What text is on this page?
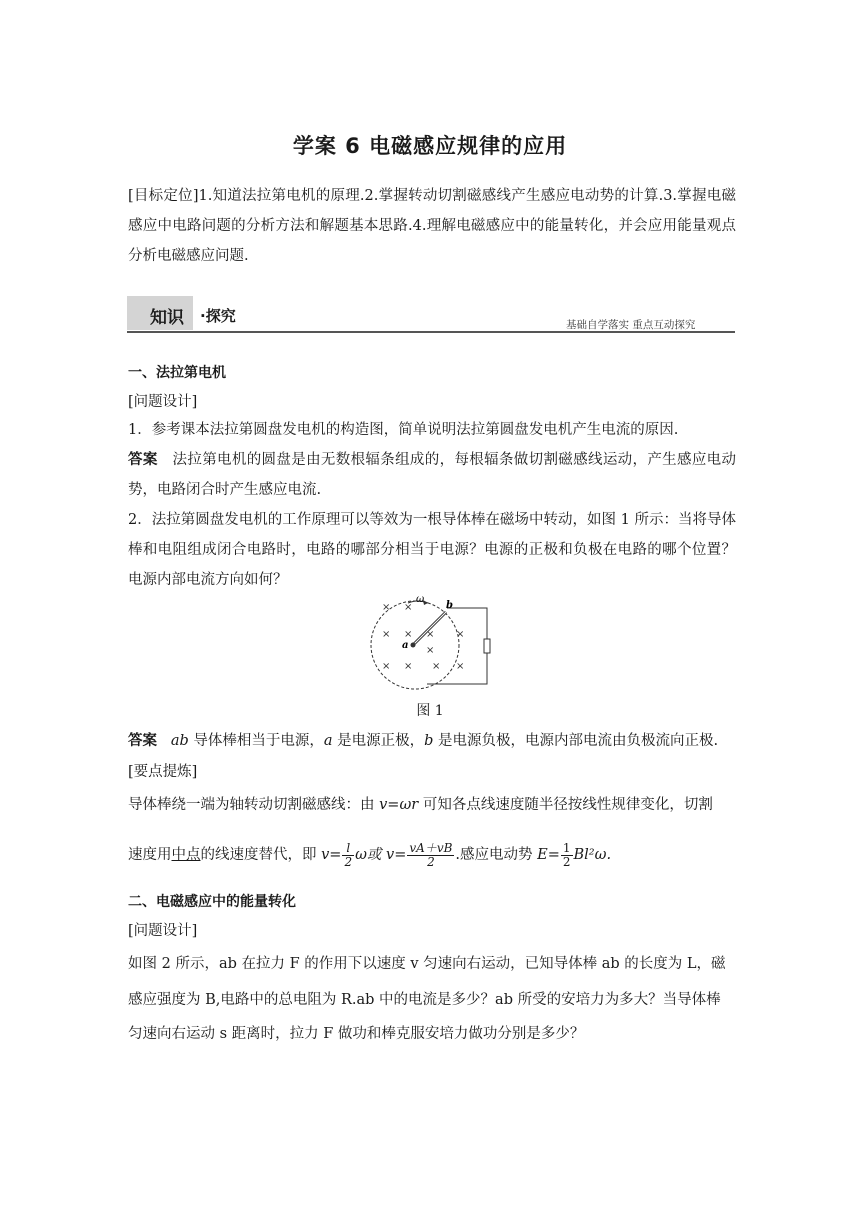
学案 6 电磁感应规律的应用
[目标定位]1.知道法拉第电机的原理.2.掌握转动切割磁感线产生感应电动势的计算.3.掌握电磁感应中电路问题的分析方法和解题基本思路.4.理解电磁感应中的能量转化，并会应用能量观点分析电磁感应问题.
知识 ·探究	基础自学落实 重点互动探究
一、法拉第电机
[问题设计]
1．参考课本法拉第圆盘发电机的构造图，简单说明法拉第圆盘发电机产生电流的原因.
答案 法拉第电机的圆盘是由无数根辐条组成的，每根辐条做切割磁感线运动，产生感应电动势，电路闭合时产生感应电流.
2．法拉第圆盘发电机的工作原理可以等效为一根导体棒在磁场中转动，如图 1 所示：当将导体棒和电阻组成闭合电路时，电路的哪部分相当于电源？电源的正极和负极在电路的哪个位置？电源内部电流方向如何？
ω
b
a
× ×
× × × ×
×
× × × ×
图 1
答案 ab 导体棒相当于电源，a 是电源正极，b 是电源负极，电源内部电流由负极流向正极.
[要点提炼]
导体棒绕一端为轴转动切割磁感线：由 v=ωr 可知各点线速度随半径按线性规律变化，切割
速度用中点的线速度替代，即 $v= \frac{l}{2}$ ω或 $v= \frac{vA+vB}{2}$ .感应电动势 $E= \frac{1}{2} Bl^2\omega$.
二、电磁感应中的能量转化
[问题设计]
如图 2 所示，ab 在拉力 F 的作用下以速度 v 匀速向右运动，已知导体棒 ab 的长度为 L，磁
感应强度为 B,电路中的总电阻为 R.ab 中的电流是多少？ab 所受的安培力为多大？当导体棒
匀速向右运动 s 距离时，拉力 F 做功和棒克服安培力做功分别是多少？
